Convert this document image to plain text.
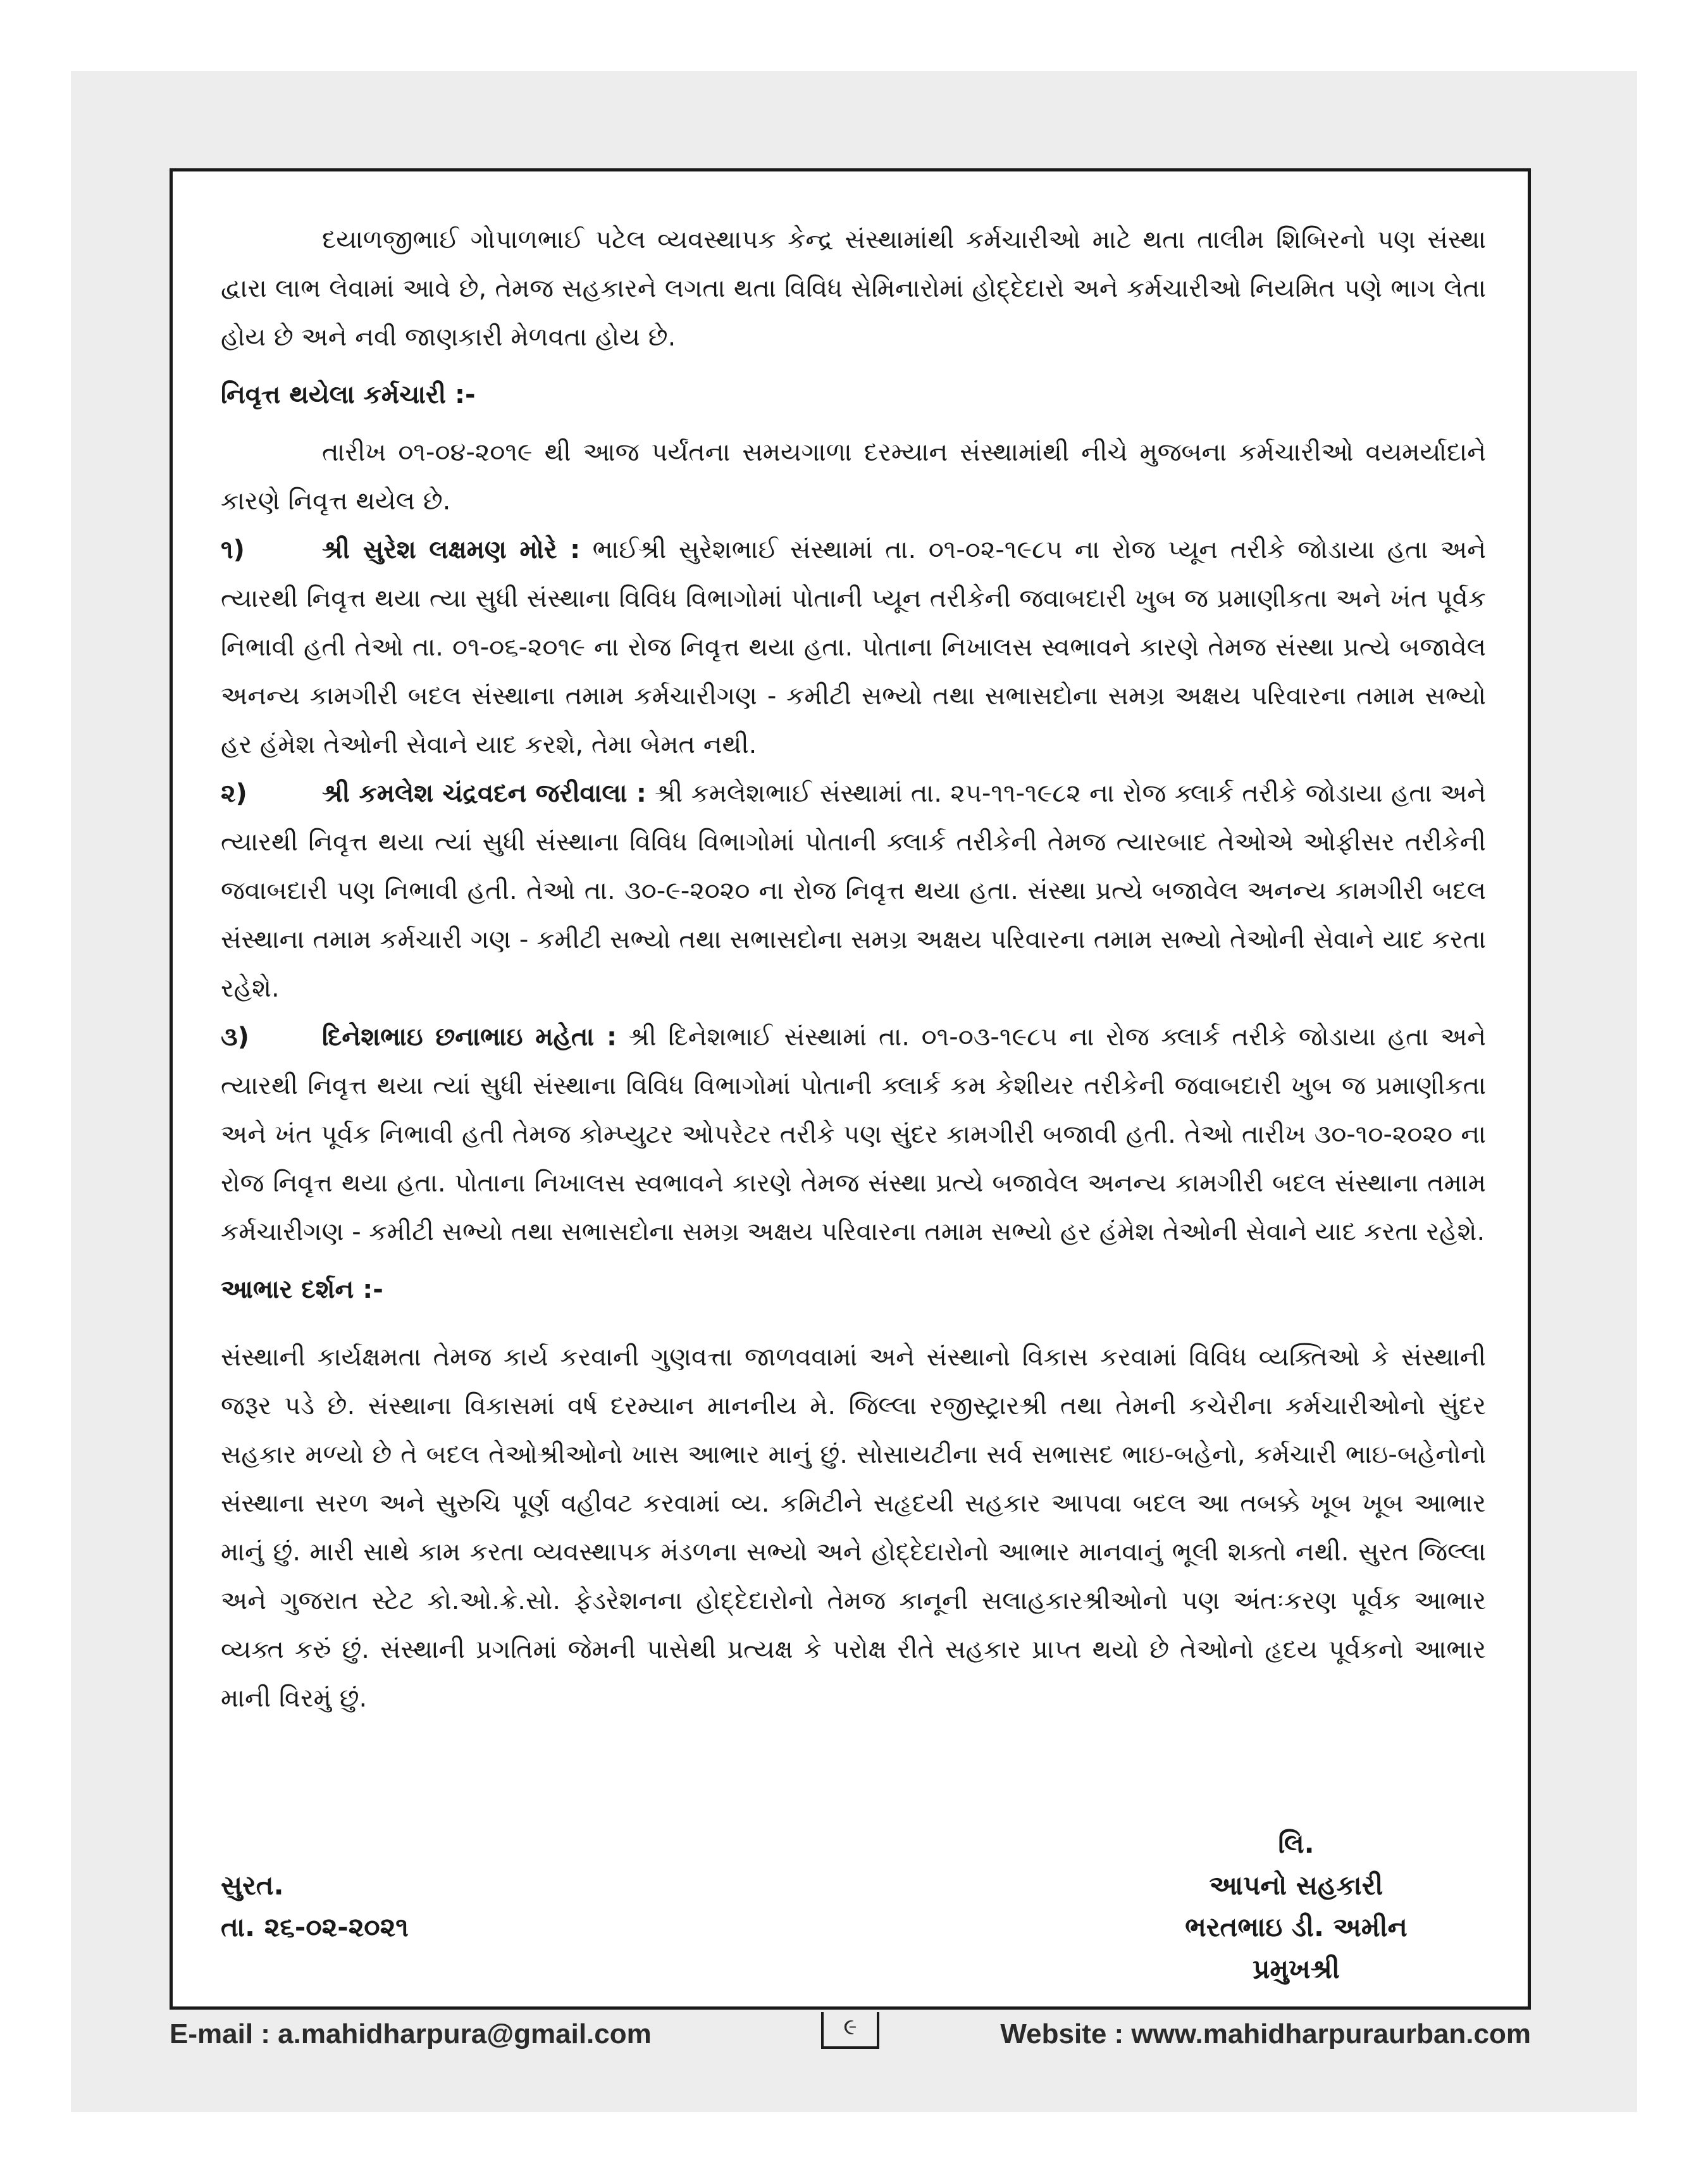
દયાળજીભાઈ ગોપાળભાઈ પટેલ વ્યવસ્થાપક કેન્દ્ર સંસ્થામાંથી કર્મચારીઓ માટે થતા તાલીમ શિબિરનો પણ સંસ્થા દ્વારા લાભ લેવામાં આવે છે, તેમજ સહકારને લગતા થતા વિવિધ સેમિનારોમાં હોદ્દેદારો અને કર્મચારીઓ નિયમિત પણે ભાગ લેતા હોય છે અને નવી જાણકારી મેળવતા હોય છે.

નિવૃત્ત થયેલા કર્મચારી :-

તારીખ ૦૧-૦૪-૨૦૧૯ થી આજ પર્યંતના સમયગાળા દરમ્યાન સંસ્થામાંથી નીચે મુજબના કર્મચારીઓ વયમર્યાદાને કારણે નિવૃત્ત થયેલ છે.

૧)	શ્રી સુરેશ લક્ષમણ મોરે : ભાઈશ્રી સુરેશભાઈ સંસ્થામાં તા. ૦૧-૦૨-૧૯૮૫ ના રોજ પ્યૂન તરીકે જોડાયા હતા અને ત્યારથી નિવૃત્ત થયા ત્યા સુધી સંસ્થાના વિવિધ વિભાગોમાં પોતાની પ્યૂન તરીકેની જવાબદારી ખુબ જ પ્રમાણીકતા અને ખંત પૂર્વક નિભાવી હતી તેઓ તા. ૦૧-૦૬-૨૦૧૯ ના રોજ નિવૃત્ત થયા હતા. પોતાના નિખાલસ સ્વભાવને કારણે તેમજ સંસ્થા પ્રત્યે બજાવેલ અનન્ય કામગીરી બદલ સંસ્થાના તમામ કર્મચારીગણ - કમીટી સભ્યો તથા સભાસદોના સમગ્ર અક્ષય પરિવારના તમામ સભ્યો હર હંમેશ તેઓની સેવાને યાદ કરશે, તેમા બેમત નથી.

૨)	શ્રી કમલેશ ચંદ્રવદન જરીવાલા : શ્રી કમલેશભાઈ સંસ્થામાં તા. ૨૫-૧૧-૧૯૮૨ ના રોજ ક્લાર્ક તરીકે જોડાયા હતા અને ત્યારથી નિવૃત્ત થયા ત્યાં સુધી સંસ્થાના વિવિધ વિભાગોમાં પોતાની ક્લાર્ક તરીકેની તેમજ ત્યારબાદ તેઓએ ઓફીસર તરીકેની જવાબદારી પણ નિભાવી હતી. તેઓ તા. ૩૦-૯-૨૦૨૦ ના રોજ નિવૃત્ત થયા હતા. સંસ્થા પ્રત્યે બજાવેલ અનન્ય કામગીરી બદલ સંસ્થાના તમામ કર્મચારી ગણ - કમીટી સભ્યો તથા સભાસદોના સમગ્ર અક્ષય પરિવારના તમામ સભ્યો તેઓની સેવાને યાદ કરતા રહેશે.

૩)	દિનેશભાઇ છનાભાઇ મહેતા : શ્રી દિનેશભાઈ સંસ્થામાં તા. ૦૧-૦૩-૧૯૮૫ ના રોજ ક્લાર્ક તરીકે જોડાયા હતા અને ત્યારથી નિવૃત્ત થયા ત્યાં સુધી સંસ્થાના વિવિધ વિભાગોમાં પોતાની ક્લાર્ક કમ કેશીયર તરીકેની જવાબદારી ખુબ જ પ્રમાણીકતા અને ખંત પૂર્વક નિભાવી હતી તેમજ કોમ્પ્યુટર ઓપરેટર તરીકે પણ સુંદર કામગીરી બજાવી હતી. તેઓ તારીખ ૩૦-૧૦-૨૦૨૦ ના રોજ નિવૃત્ત થયા હતા. પોતાના નિખાલસ સ્વભાવને કારણે તેમજ સંસ્થા પ્રત્યે બજાવેલ અનન્ય કામગીરી બદલ સંસ્થાના તમામ કર્મચારીગણ - કમીટી સભ્યો તથા સભાસદોના સમગ્ર અક્ષય પરિવારના તમામ સભ્યો હર હંમેશ તેઓની સેવાને યાદ કરતા રહેશે.

આભાર દર્શન :-

સંસ્થાની કાર્યક્ષમતા તેમજ કાર્ય કરવાની ગુણવત્તા જાળવવામાં અને સંસ્થાનો વિકાસ કરવામાં વિવિધ વ્યક્તિઓ કે સંસ્થાની જરૂર પડે છે. સંસ્થાના વિકાસમાં વર્ષ દરમ્યાન માનનીય મે. જિલ્લા રજીસ્ટ્રારશ્રી તથા તેમની કચેરીના કર્મચારીઓનો સુંદર સહકાર મળ્યો છે તે બદલ તેઓશ્રીઓનો ખાસ આભાર માનું છું. સોસાયટીના સર્વ સભાસદ ભાઇ-બહેનો, કર્મચારી ભાઇ-બહેનોનો સંસ્થાના સરળ અને સુરુચિ પૂર્ણ વહીવટ કરવામાં વ્ય. કમિટીને સહૃદયી સહકાર આપવા બદલ આ તબક્કે ખૂબ ખૂબ આભાર માનું છું. મારી સાથે કામ કરતા વ્યવસ્થાપક મંડળના સભ્યો અને હોદ્દેદારોનો આભાર માનવાનું ભૂલી શક્તો નથી. સુરત જિલ્લા અને ગુજરાત સ્ટેટ કો.ઓ.ક્રે.સો. ફેડરેશનના હોદ્દેદારોનો તેમજ કાનૂની સલાહકારશ્રીઓનો પણ અંતઃકરણ પૂર્વક આભાર વ્યક્ત કરું છું. સંસ્થાની પ્રગતિમાં જેમની પાસેથી પ્રત્યક્ષ કે પરોક્ષ રીતે સહકાર પ્રાપ્ત થયો છે તેઓનો હૃદય પૂર્વકનો આભાર માની વિરમું છું.

સુરત.
તા. ૨૬-૦૨-૨૦૨૧
લિ.
આપનો સહકારી
ભરતભાઇ ડી. અમીન
પ્રમુખશ્રી
E-mail : a.mahidharpura@gmail.com	૯	Website : www.mahidharpuraurban.com
